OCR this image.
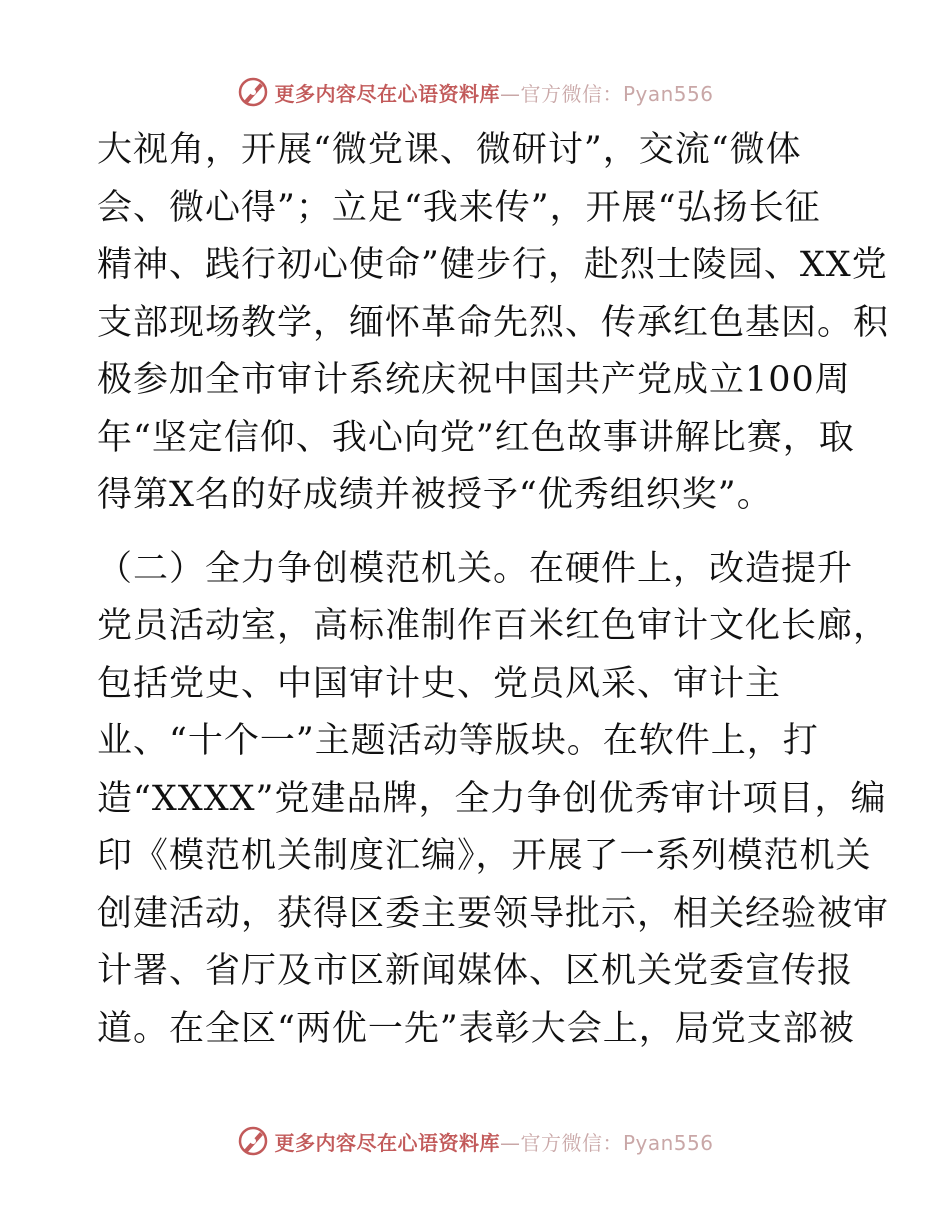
更多内容尽在心语资料库—官方微信：Pyan556
大视角，开展“微党课、微研讨”，交流“微体
会、微心得”；立足“我来传”，开展“弘扬长征
精神、践行初心使命”健步行，赴烈士陵园、XX党
支部现场教学，缅怀革命先烈、传承红色基因。积
极参加全市审计系统庆祝中国共产党成立100周
年“坚定信仰、我心向党”红色故事讲解比赛，取
得第X名的好成绩并被授予“优秀组织奖”。
（二）全力争创模范机关。在硬件上，改造提升
党员活动室，高标准制作百米红色审计文化长廊，
包括党史、中国审计史、党员风采、审计主
业、“十个一”主题活动等版块。在软件上，打
造“XXXX”党建品牌，全力争创优秀审计项目，编
印《模范机关制度汇编》，开展了一系列模范机关
创建活动，获得区委主要领导批示，相关经验被审
计署、省厅及市区新闻媒体、区机关党委宣传报
道。在全区“两优一先”表彰大会上，局党支部被
更多内容尽在心语资料库—官方微信：Pyan556
